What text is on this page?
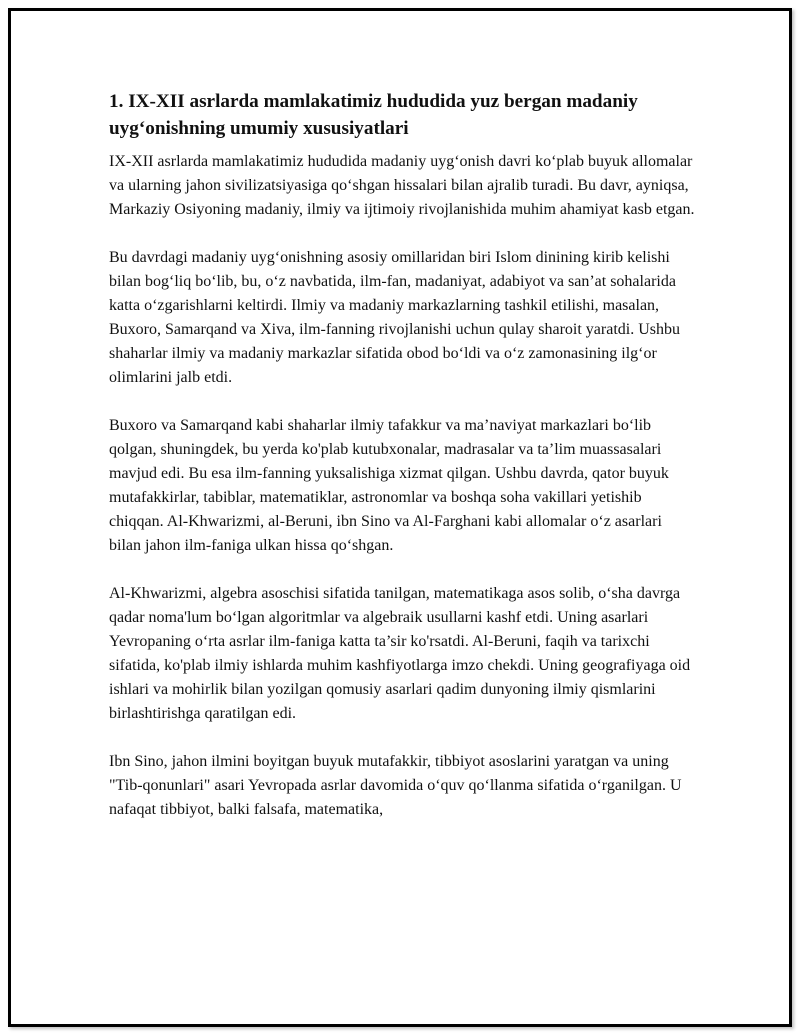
1. IX-XII asrlarda mamlakatimiz hududida yuz bergan madaniy uyg‘onishning umumiy xususiyatlari

IX-XII asrlarda mamlakatimiz hududida madaniy uyg‘onish davri ko‘plab buyuk allomalar va ularning jahon sivilizatsiyasiga qo‘shgan hissalari bilan ajralib turadi. Bu davr, ayniqsa, Markaziy Osiyoning madaniy, ilmiy va ijtimoiy rivojlanishida muhim ahamiyat kasb etgan.

Bu davrdagi madaniy uyg‘onishning asosiy omillaridan biri Islom dinining kirib kelishi bilan bog‘liq bo‘lib, bu, o‘z navbatida, ilm-fan, madaniyat, adabiyot va san’at sohalarida katta o‘zgarishlarni keltirdi. Ilmiy va madaniy markazlarning tashkil etilishi, masalan, Buxoro, Samarqand va Xiva, ilm-fanning rivojlanishi uchun qulay sharoit yaratdi. Ushbu shaharlar ilmiy va madaniy markazlar sifatida obod bo‘ldi va o‘z zamonasining ilg‘or olimlarini jalb etdi.

Buxoro va Samarqand kabi shaharlar ilmiy tafakkur va ma’naviyat markazlari bo‘lib qolgan, shuningdek, bu yerda ko'plab kutubxonalar, madrasalar va ta’lim muassasalari mavjud edi. Bu esa ilm-fanning yuksalishiga xizmat qilgan. Ushbu davrda, qator buyuk mutafakkirlar, tabiblar, matematiklar, astronomlar va boshqa soha vakillari yetishib chiqqan. Al-Khwarizmi, al-Beruni, ibn Sino va Al-Farghani kabi allomalar o‘z asarlari bilan jahon ilm-faniga ulkan hissa qo‘shgan.

Al-Khwarizmi, algebra asoschisi sifatida tanilgan, matematikaga asos solib, o‘sha davrga qadar noma'lum bo‘lgan algoritmlar va algebraik usullarni kashf etdi. Uning asarlari Yevropaning o‘rta asrlar ilm-faniga katta ta’sir ko'rsatdi. Al-Beruni, faqih va tarixchi sifatida, ko'plab ilmiy ishlarda muhim kashfiyotlarga imzo chekdi. Uning geografiyaga oid ishlari va mohirlik bilan yozilgan qomusiy asarlari qadim dunyoning ilmiy qismlarini birlashtirishga qaratilgan edi.

Ibn Sino, jahon ilmini boyitgan buyuk mutafakkir, tibbiyot asoslarini yaratgan va uning "Tib-qonunlari" asari Yevropada asrlar davomida o‘quv qo‘llanma sifatida o‘rganilgan. U nafaqat tibbiyot, balki falsafa, matematika,
